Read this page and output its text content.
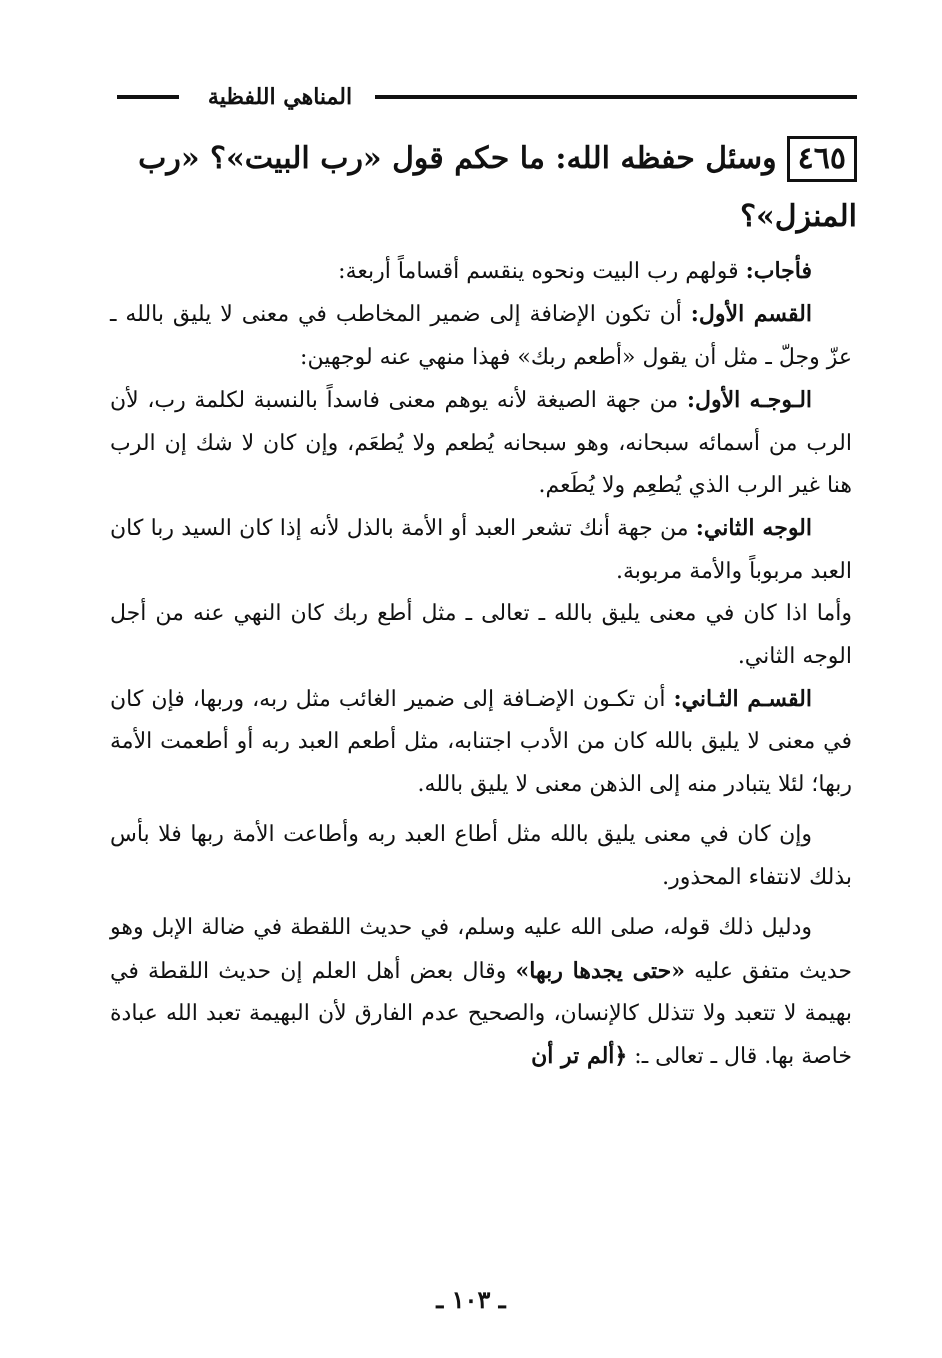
المناهي اللفظية
٤٦٥وسئل حفظه الله: ما حكم قول «رب البيت»؟ «رب المنزل»؟

فأجاب: قولهم رب البيت ونحوه ينقسم أقساماً أربعة:

القسم الأول: أن تكون الإضافة إلى ضمير المخاطب في معنى لا يليق بالله ـ عزّ وجلّ ـ مثل أن يقول «أطعم ربك» فهذا منهي عنه لوجهين:

الـوجـه الأول: من جهة الصيغة لأنه يوهم معنى فاسداً بالنسبة لكلمة رب، لأن الرب من أسمائه سبحانه، وهو سبحانه يُطعم ولا يُطعَم، وإن كان لا شك إن الرب هنا غير الرب الذي يُطعِم ولا يُطَعم.

الوجه الثاني: من جهة أنك تشعر العبد أو الأمة بالذل لأنه إذا كان السيد ربا كان العبد مربوباً والأمة مربوبة.

وأما اذا كان في معنى يليق بالله ـ تعالى ـ مثل أطع ربك كان النهي عنه من أجل الوجه الثاني.

القسـم الثـاني: أن تكـون الإضـافة إلى ضمير الغائب مثل ربه، وربها، فإن كان في معنى لا يليق بالله كان من الأدب اجتنابه، مثل أطعم العبد ربه أو أطعمت الأمة ربها؛ لئلا يتبادر منه إلى الذهن معنى لا يليق بالله.

وإن كان في معنى يليق بالله مثل أطاع العبد ربه وأطاعت الأمة ربها فلا بأس بذلك لانتفاء المحذور.

ودليل ذلك قوله، صلى الله عليه وسلم، في حديث اللقطة في ضالة الإبل وهو حديث متفق عليه «حتى يجدها ربها» وقال بعض أهل العلم إن حديث اللقطة في بهيمة لا تتعبد ولا تتذلل كالإنسان، والصحيح عدم الفارق لأن البهيمة تعبد الله عبادة خاصة بها. قال ـ تعالى ـ: ﴿ألم تر أن

ـ ١٠٣ ـ
